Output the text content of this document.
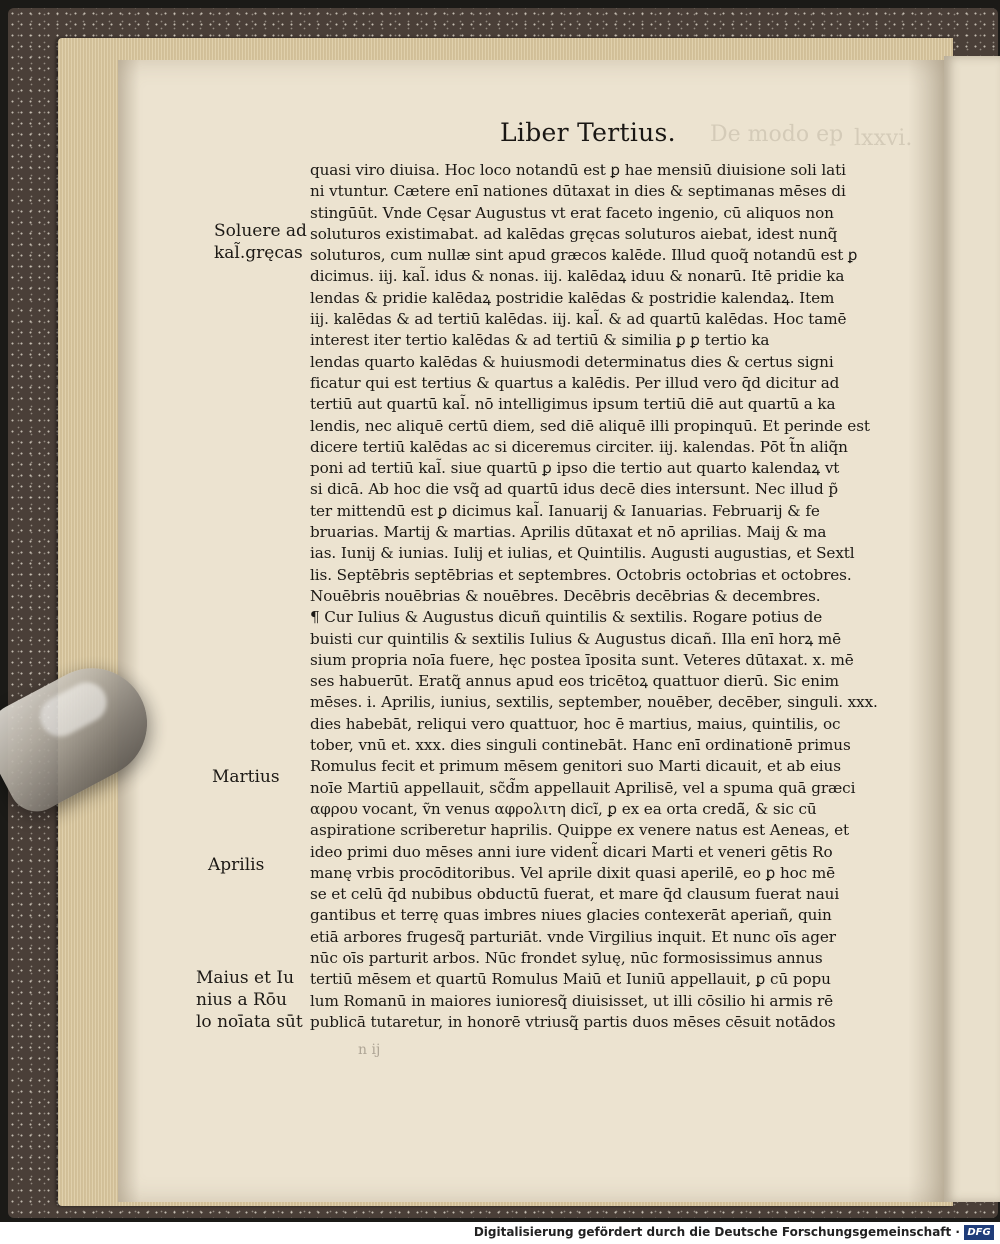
De modo ep lxxvi.
Liber Tertius.
Soluere ad
kal̃.gręcas
Martius
Aprilis
Maius et Iu
nius a Rōu
lo noīata sūt
quasi viro diuisa. Hoc loco notandū est ꝑ hae mensiū diuisione soli lati
ni vtuntur. Cætere enī nationes dūtaxat in dies & septimanas mēses di
stingūūt. Vnde Cęsar Augustus vt erat faceto ingenio, cū aliquos non
soluturos existimabat. ad kalēdas gręcas soluturos aiebat, idest nunq̃
soluturos, cum nullæ sint apud græcos kalēde. Illud quoq̃ notandū est ꝑ
dicimus. iij. kal̃. idus & nonas. iij. kalēdaꝝ iduu & nonarū. Itē pridie ka
lendas & pridie kalēdaꝝ postridie kalēdas & postridie kalendaꝝ. Item
iij. kalēdas & ad tertiū kalēdas. iij. kal̃. & ad quartū kalēdas. Hoc tamē
interest iter tertio kalēdas & ad tertiū & similia ꝑ ꝑ tertio ka
lendas quarto kalēdas & huiusmodi determinatus dies & certus signi
ficatur qui est tertius & quartus a kalēdis. Per illud vero q̄d dicitur ad
tertiū aut quartū kal̃. nō intelligimus ipsum tertiū diē aut quartū a ka
lendis, nec aliquē certū diem, sed diē aliquē illi propinquū. Et perinde est
dicere tertiū kalēdas ac si diceremus circiter. iij. kalendas. Pōt t̃n aliq̃n
poni ad tertiū kal̃. siue quartū ꝑ ipso die tertio aut quarto kalendaꝝ vt
si dicā. Ab hoc die vsq̃ ad quartū idus decē dies intersunt. Nec illud p̃
ter mittendū est ꝑ dicimus kal̃. Ianuarij & Ianuarias. Februarij & fe
bruarias. Martij & martias. Aprilis dūtaxat et nō aprilias. Maij & ma
ias. Iunij & iunias. Iulij et iulias, et Quintilis. Augusti augustias, et Sextl
lis. Septēbris septēbrias et septembres. Octobris octobrias et octobres.
Nouēbris nouēbrias & nouēbres. Decēbris decēbrias & decembres.
¶ Cur Iulius & Augustus dicuñ quintilis & sextilis. Rogare potius de
buisti cur quintilis & sextilis Iulius & Augustus dicañ. Illa enī horꝝ mē
sium propria noīa fuere, hęc postea īposita sunt. Veteres dūtaxat. x. mē
ses habuerūt. Eratq̃ annus apud eos tricētoꝝ quattuor dierū. Sic enim
mēses. i. Aprilis, iunius, sextilis, september, nouēber, decēber, singuli. xxx.
dies habebāt, reliqui vero quattuor, hoc ē martius, maius, quintilis, oc
tober, vnū et. xxx. dies singuli continebāt. Hanc enī ordinationē primus
Romulus fecit et primum mēsem genitori suo Marti dicauit, et ab eius
noīe Martiū appellauit, sc̃d̃m appellauit Aprilisē, vel a spuma quā græci
αφρου vocant, ṽn venus αφρολιτη dicĩ, ꝑ ex ea orta credā̃, & sic cū
aspiratione scriberetur haprilis. Quippe ex venere natus est Aeneas, et
ideo primi duo mēses anni iure vident̃ dicari Marti et veneri gētis Ro
manę vrbis procōditoribus. Vel aprile dixit quasi aperilē, eo ꝑ hoc mē
se et celū q̄d nubibus obductū fuerat, et mare q̄d clausum fuerat naui
gantibus et terrę quas imbres niues glacies contexerāt aperiañ, quin
etiā arbores frugesq̃ parturiāt. vnde Virgilius inquit. Et nunc oīs ager
nūc oīs parturit arbos. Nūc frondet syluę, nūc formosissimus annus
tertiū mēsem et quartū Romulus Maiū et Iuniū appellauit, ꝑ cū popu
lum Romanū in maiores iunioresq̃ diuisisset, ut illi cōsilio hi armis rē
publicā tutaretur, in honorē vtriusq̃ partis duos mēses cēsuit notādos
n ij
Digitalisierung gefördert durch die Deutsche Forschungsgemeinschaft · DFG
